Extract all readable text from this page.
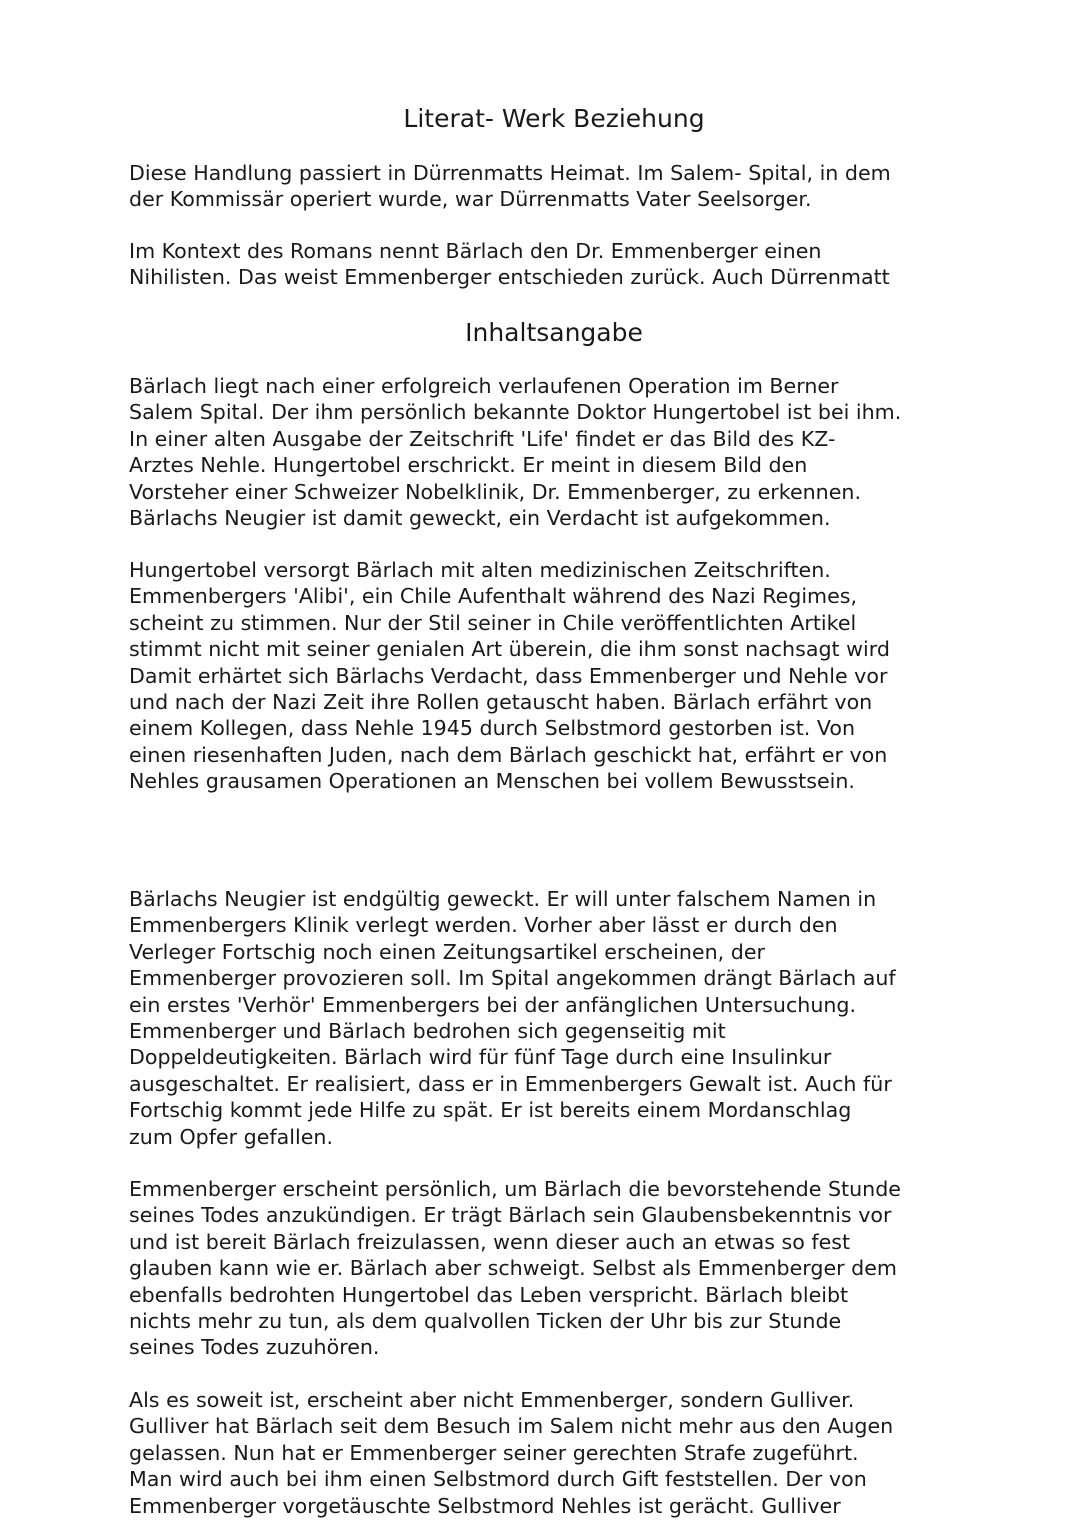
Literat- Werk Beziehung
Diese Handlung passiert in Dürrenmatts Heimat. Im Salem- Spital, in dem
der Kommissär operiert wurde, war Dürrenmatts Vater Seelsorger.
Im Kontext des Romans nennt Bärlach den Dr. Emmenberger einen
Nihilisten. Das weist Emmenberger entschieden zurück. Auch Dürrenmatt
Inhaltsangabe
Bärlach liegt nach einer erfolgreich verlaufenen Operation im Berner
Salem Spital. Der ihm persönlich bekannte Doktor Hungertobel ist bei ihm.
In einer alten Ausgabe der Zeitschrift 'Life' findet er das Bild des KZ-
Arztes Nehle. Hungertobel erschrickt. Er meint in diesem Bild den
Vorsteher einer Schweizer Nobelklinik, Dr. Emmenberger, zu erkennen.
Bärlachs Neugier ist damit geweckt, ein Verdacht ist aufgekommen.
Hungertobel versorgt Bärlach mit alten medizinischen Zeitschriften.
Emmenbergers 'Alibi', ein Chile Aufenthalt während des Nazi Regimes,
scheint zu stimmen. Nur der Stil seiner in Chile veröffentlichten Artikel
stimmt nicht mit seiner genialen Art überein, die ihm sonst nachsagt wird
Damit erhärtet sich Bärlachs Verdacht, dass Emmenberger und Nehle vor
und nach der Nazi Zeit ihre Rollen getauscht haben. Bärlach erfährt von
einem Kollegen, dass Nehle 1945 durch Selbstmord gestorben ist. Von
einen riesenhaften Juden, nach dem Bärlach geschickt hat, erfährt er von
Nehles grausamen Operationen an Menschen bei vollem Bewusstsein.
Bärlachs Neugier ist endgültig geweckt. Er will unter falschem Namen in
Emmenbergers Klinik verlegt werden. Vorher aber lässt er durch den
Verleger Fortschig noch einen Zeitungsartikel erscheinen, der
Emmenberger provozieren soll. Im Spital angekommen drängt Bärlach auf
ein erstes 'Verhör' Emmenbergers bei der anfänglichen Untersuchung.
Emmenberger und Bärlach bedrohen sich gegenseitig mit
Doppeldeutigkeiten. Bärlach wird für fünf Tage durch eine Insulinkur
ausgeschaltet. Er realisiert, dass er in Emmenbergers Gewalt ist. Auch für
Fortschig kommt jede Hilfe zu spät. Er ist bereits einem Mordanschlag
zum Opfer gefallen.
Emmenberger erscheint persönlich, um Bärlach die bevorstehende Stunde
seines Todes anzukündigen. Er trägt Bärlach sein Glaubensbekenntnis vor
und ist bereit Bärlach freizulassen, wenn dieser auch an etwas so fest
glauben kann wie er. Bärlach aber schweigt. Selbst als Emmenberger dem
ebenfalls bedrohten Hungertobel das Leben verspricht. Bärlach bleibt
nichts mehr zu tun, als dem qualvollen Ticken der Uhr bis zur Stunde
seines Todes zuzuhören.
Als es soweit ist, erscheint aber nicht Emmenberger, sondern Gulliver.
Gulliver hat Bärlach seit dem Besuch im Salem nicht mehr aus den Augen
gelassen. Nun hat er Emmenberger seiner gerechten Strafe zugeführt.
Man wird auch bei ihm einen Selbstmord durch Gift feststellen. Der von
Emmenberger vorgetäuschte Selbstmord Nehles ist gerächt. Gulliver
